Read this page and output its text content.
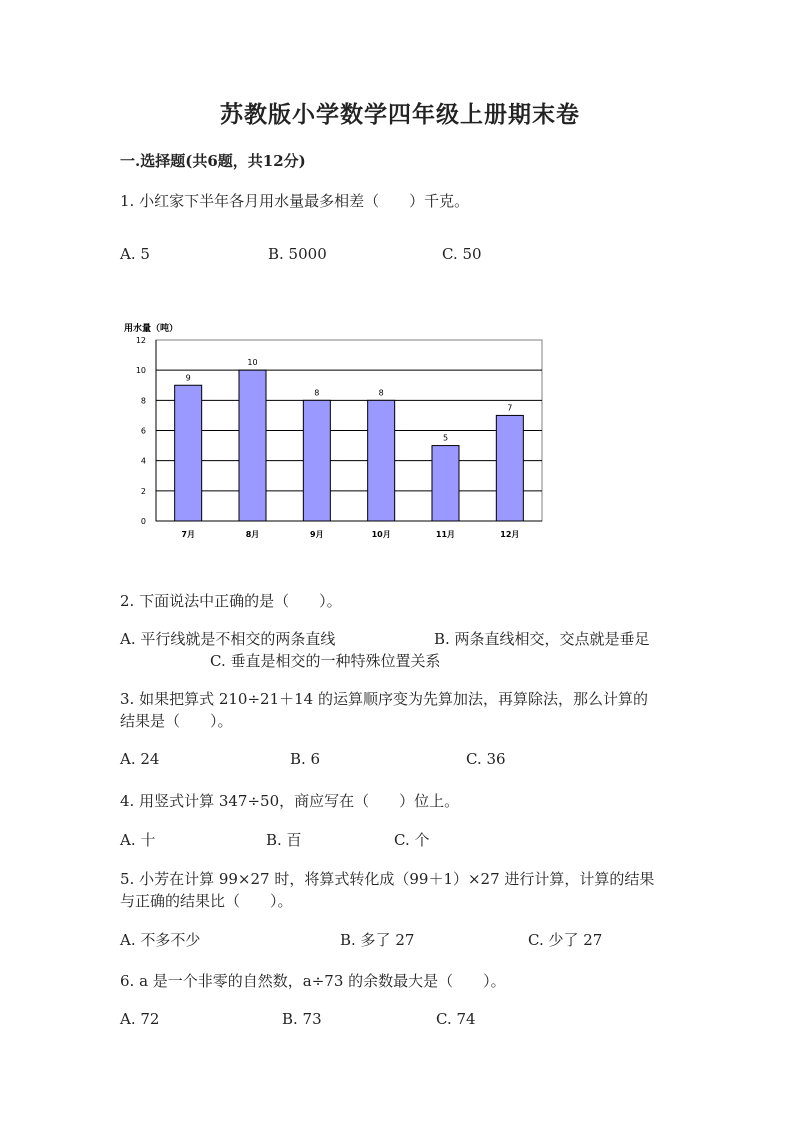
苏教版小学数学四年级上册期末卷
一.选择题(共6题，共12分)
1. 小红家下半年各月用水量最多相差（　　）千克。
A. 5	B. 5000	C. 50
用水量（吨）
0
2
4
6
8
10
12
9
7月
10
8月
8
9月
8
10月
5
11月
7
12月
2. 下面说法中正确的是（　　）。
A. 平行线就是不相交的两条直线	B. 两条直线相交，交点就是垂足
C. 垂直是相交的一种特殊位置关系
3. 如果把算式 210÷21＋14 的运算顺序变为先算加法，再算除法，那么计算的
结果是（　　）。
A. 24	B. 6	C. 36
4. 用竖式计算 347÷50，商应写在（　　）位上。
A. 十	B. 百	C. 个
5. 小芳在计算 99×27 时，将算式转化成（99＋1）×27 进行计算，计算的结果
与正确的结果比（　　）。
A. 不多不少	B. 多了 27	C. 少了 27
6. a 是一个非零的自然数，a÷73 的余数最大是（　　）。
A. 72	B. 73	C. 74
